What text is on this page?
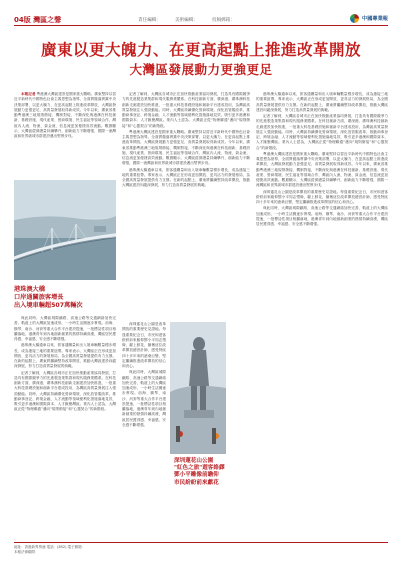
04版 灣區之聲	責任編輯：	美術編輯：	投稿郵箱：	中國專業報
廣東以更大魄力、在更高起點上推進改革開放
大灣區發展動力更強更足

本報記者 粵港澳大灣區建設是國家重大戰略。廣東堅持以習近平新時代中國特色社會主義思想為指導，全面貫徹落實黨中央決策部署，以更大魄力、在更高起點上推進改革開放，大灣區發展動力更強更足，高質量發展取得新成效。今年以來，廣東省推動粵港澳三地規則銜接、機制對接，不斷深化與港澳在科技創新、基礎設施、現代產業、營商環境、民生福祉等領域合作，灣區內人流、物流、資金流、信息流更加便捷高效流動。數據顯示，大灣區經濟總量持續攀升，創新能力不斷增強，國際一流灣區和世界級城市群建設邁出堅實步伐。

港珠澳大橋
口岸通關旅客增長
出入境車輛超507萬輛次

與此同時，大灣區城際鐵路、高速公路等交通網絡加快完善，軌道上的大灣區加速成形，一小時生活圈逐步實現。前海、橫琴、南沙、河套等重大合作平台建設提速，一批標誌性項目相繼落地，港澳青年到內地創新創業的熱情持續高漲，灣區居民獲得感、幸福感、安全感不斷增強。

港珠澳大橋通車以來，旅客通關量和出入境車輛數量穩步增長，成為連接三地的重要紐帶。專家表示，大灣區正在形成更加開放、更具活力的發展格局，為全國高質量發展提供有力支撐。在新的起點上，廣東將繼續堅持改革開放，推動大灣區建設向縱深發展，努力打造高質量發展的典範。

記者了解到，大灣區各城市正在加快推動產業協同發展，打造具有國際競爭力的先進製造業集群和現代服務業體系。在科技創新方面，廣深港、廣珠澳科技創新走廊建設加快推進，一批重大科技基礎設施和創新平台建成投用，為灣區高質量發展注入強勁動能。同時，大灣區持續優化營商環境，深化放管服改革，推動商事登記、跨境金融、人才流動等領域便利化措施落地見效，吸引更多港澳和國際資本、人才匯聚灣區。業內人士認為，大灣區正從“物理聯通”邁向“規則銜接”和“心靈契合”的新階段。

記者了解到，大灣區各城市正在加快推動產業協同發展，打造具有國際競爭力的先進製造業集群和現代服務業體系。在科技創新方面，廣深港、廣珠澳科技創新走廊建設加快推進，一批重大科技基礎設施和創新平台建成投用，為灣區高質量發展注入強勁動能。同時，大灣區持續優化營商環境，深化放管服改革，推動商事登記、跨境金融、人才流動等領域便利化措施落地見效，吸引更多港澳和國際資本、人才匯聚灣區。業內人士認為，大灣區正從“物理聯通”邁向“規則銜接”和“心靈契合”的新階段。

粵港澳大灣區建設是國家重大戰略。廣東堅持以習近平新時代中國特色社會主義思想為指導，全面貫徹落實黨中央決策部署，以更大魄力、在更高起點上推進改革開放，大灣區發展動力更強更足，高質量發展取得新成效。今年以來，廣東省推動粵港澳三地規則銜接、機制對接，不斷深化與港澳在科技創新、基礎設施、現代產業、營商環境、民生福祉等領域合作，灣區內人流、物流、資金流、信息流更加便捷高效流動。數據顯示，大灣區經濟總量持續攀升，創新能力不斷增強，國際一流灣區和世界級城市群建設邁出堅實步伐。

港珠澳大橋通車以來，旅客通關量和出入境車輛數量穩步增長，成為連接三地的重要紐帶。專家表示，大灣區正在形成更加開放、更具活力的發展格局，為全國高質量發展提供有力支撐。在新的起點上，廣東將繼續堅持改革開放，推動大灣區建設向縱深發展，努力打造高質量發展的典範。

深圳蓮花山公園是改革開放的重要歷史見證地。每逢重要紀念日，市民和遊客紛紛前來瞻仰鄧小平同志塑像，獻上鮮花，緬懷這位改革開放總設計師，感受特區四十多年來的滄桑巨變，堅定繼續推進改革開放的信心和決心。

與此同時，大灣區城際鐵路、高速公路等交通網絡加快完善，軌道上的大灣區加速成形，一小時生活圈逐步實現。前海、橫琴、南沙、河套等重大合作平台建設提速，一批標誌性項目相繼落地，港澳青年到內地創新創業的熱情持續高漲，灣區居民獲得感、幸福感、安全感不斷增強。

深圳蓮花山公園
"紅色之旅"遊客絡繹
鄧小平雕像前瞻仰
市民紛紛前來獻花

港珠澳大橋通車以來，旅客通關量和出入境車輛數量穩步增長，成為連接三地的重要紐帶。專家表示，大灣區正在形成更加開放、更具活力的發展格局，為全國高質量發展提供有力支撐。在新的起點上，廣東將繼續堅持改革開放，推動大灣區建設向縱深發展，努力打造高質量發展的典範。

記者了解到，大灣區各城市正在加快推動產業協同發展，打造具有國際競爭力的先進製造業集群和現代服務業體系。在科技創新方面，廣深港、廣珠澳科技創新走廊建設加快推進，一批重大科技基礎設施和創新平台建成投用，為灣區高質量發展注入強勁動能。同時，大灣區持續優化營商環境，深化放管服改革，推動商事登記、跨境金融、人才流動等領域便利化措施落地見效，吸引更多港澳和國際資本、人才匯聚灣區。業內人士認為，大灣區正從“物理聯通”邁向“規則銜接”和“心靈契合”的新階段。

粵港澳大灣區建設是國家重大戰略。廣東堅持以習近平新時代中國特色社會主義思想為指導，全面貫徹落實黨中央決策部署，以更大魄力、在更高起點上推進改革開放，大灣區發展動力更強更足，高質量發展取得新成效。今年以來，廣東省推動粵港澳三地規則銜接、機制對接，不斷深化與港澳在科技創新、基礎設施、現代產業、營商環境、民生福祉等領域合作，灣區內人流、物流、資金流、信息流更加便捷高效流動。數據顯示，大灣區經濟總量持續攀升，創新能力不斷增強，國際一流灣區和世界級城市群建設邁出堅實步伐。

深圳蓮花山公園是改革開放的重要歷史見證地。每逢重要紀念日，市民和遊客紛紛前來瞻仰鄧小平同志塑像，獻上鮮花，緬懷這位改革開放總設計師，感受特區四十多年來的滄桑巨變，堅定繼續推進改革開放的信心和決心。

與此同時，大灣區城際鐵路、高速公路等交通網絡加快完善，軌道上的大灣區加速成形，一小時生活圈逐步實現。前海、橫琴、南沙、河套等重大合作平台建設提速，一批標誌性項目相繼落地，港澳青年到內地創新創業的熱情持續高漲，灣區居民獲得感、幸福感、安全感不斷增強。

地址：香港新界葵涌 電話：(852) 電子郵箱：
本報法律顧問：
